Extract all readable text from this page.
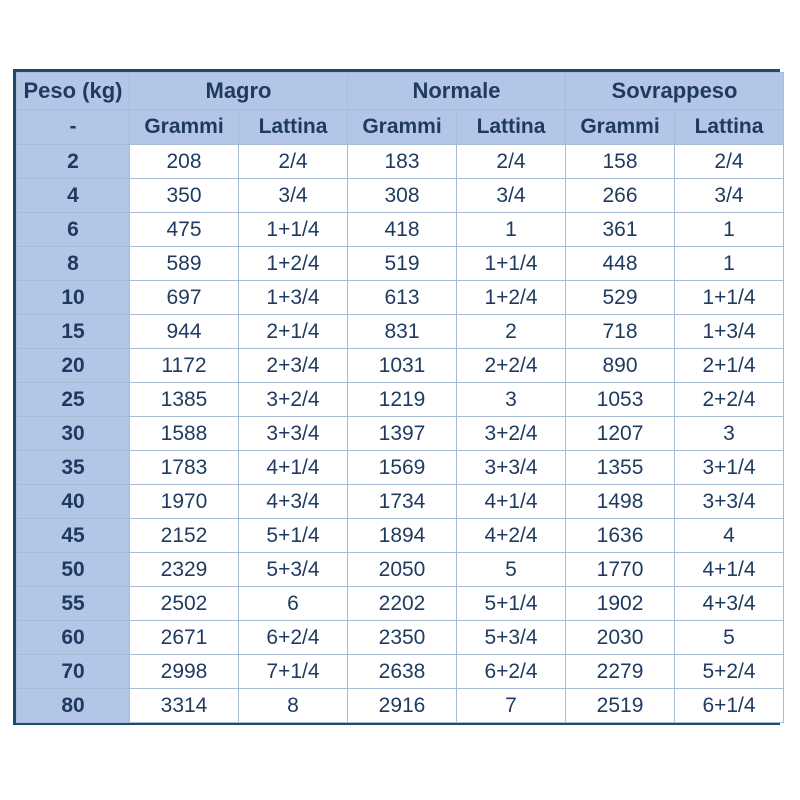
Peso (kg)	Magro		Normale		Sovrappeso	
-	Grammi	Lattina	Grammi	Lattina	Grammi	Lattina
2	208	2/4	183	2/4	158	2/4
4	350	3/4	308	3/4	266	3/4
6	475	1+1/4	418	1	361	1
8	589	1+2/4	519	1+1/4	448	1
10	697	1+3/4	613	1+2/4	529	1+1/4
15	944	2+1/4	831	2	718	1+3/4
20	1172	2+3/4	1031	2+2/4	890	2+1/4
25	1385	3+2/4	1219	3	1053	2+2/4
30	1588	3+3/4	1397	3+2/4	1207	3
35	1783	4+1/4	1569	3+3/4	1355	3+1/4
40	1970	4+3/4	1734	4+1/4	1498	3+3/4
45	2152	5+1/4	1894	4+2/4	1636	4
50	2329	5+3/4	2050	5	1770	4+1/4
55	2502	6	2202	5+1/4	1902	4+3/4
60	2671	6+2/4	2350	5+3/4	2030	5
70	2998	7+1/4	2638	6+2/4	2279	5+2/4
80	3314	8	2916	7	2519	6+1/4
